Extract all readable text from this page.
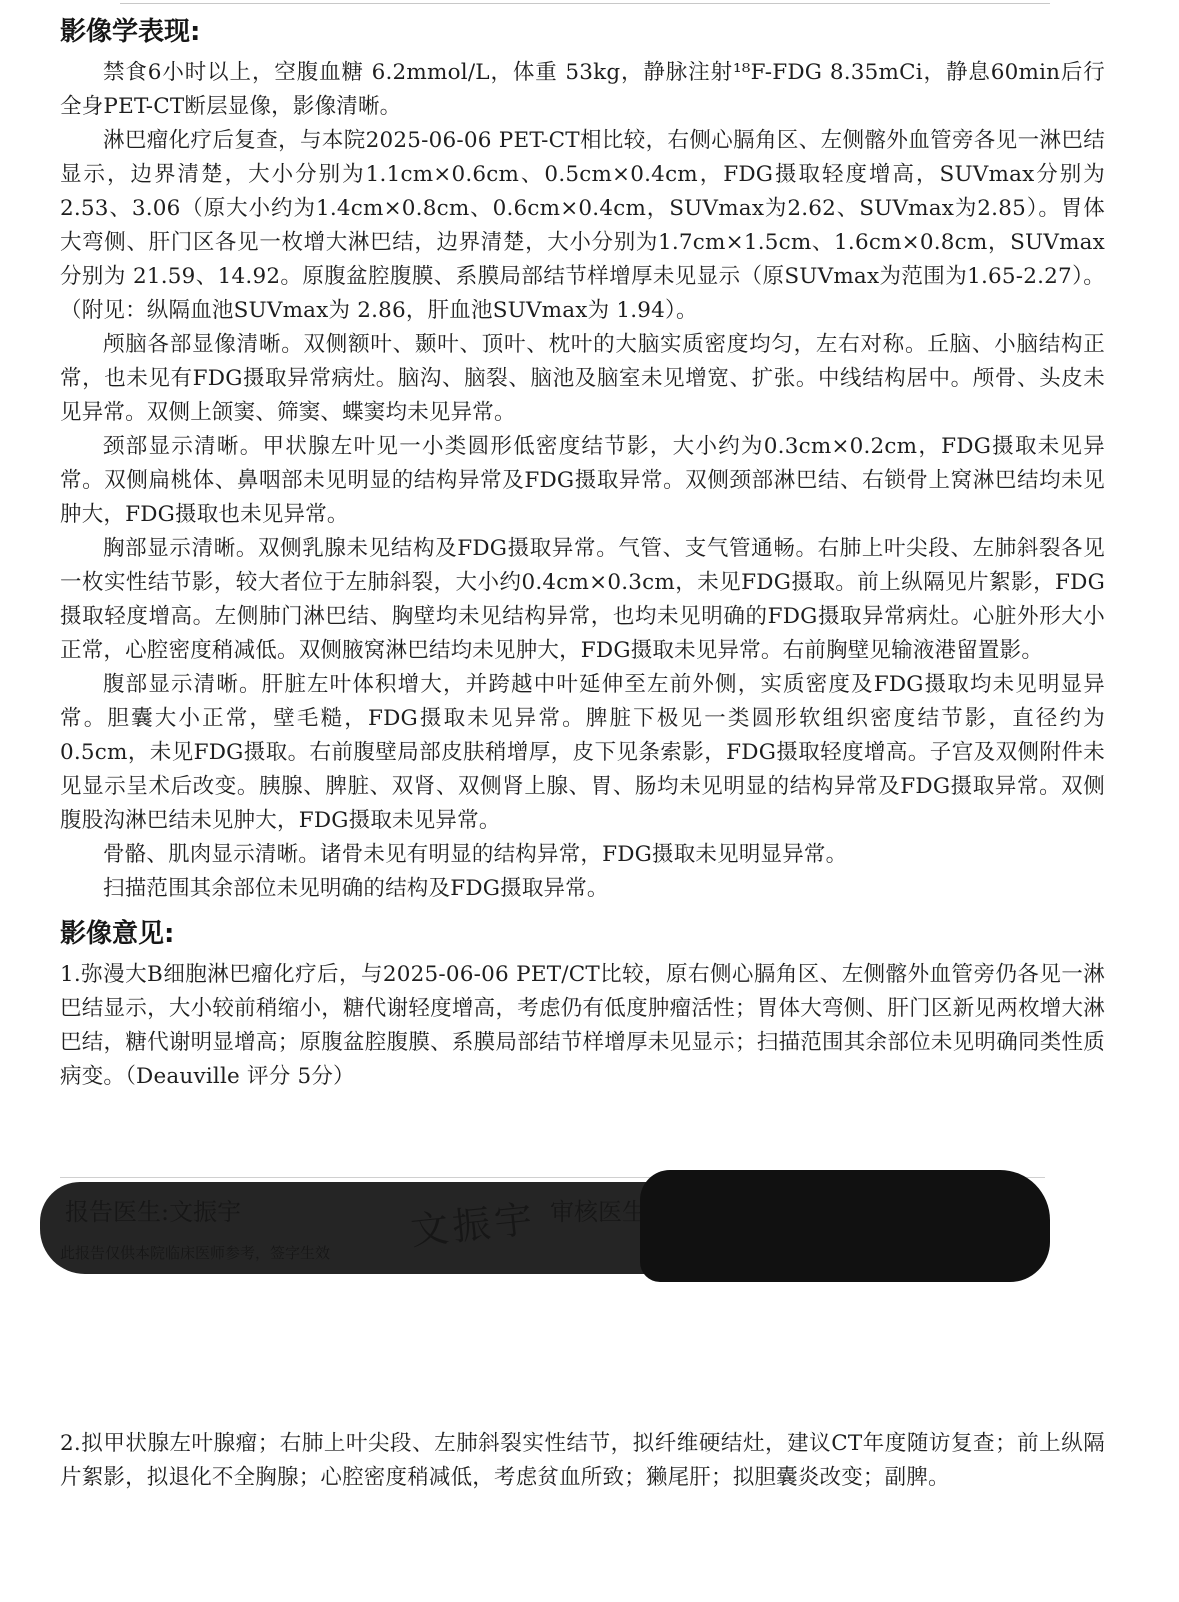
影像学表现:

禁食6小时以上，空腹血糖 6.2mmol/L，体重 53kg，静脉注射¹⁸F-FDG 8.35mCi，静息60min后行全身PET-CT断层显像，影像清晰。

淋巴瘤化疗后复查，与本院2025-06-06 PET-CT相比较，右侧心膈角区、左侧髂外血管旁各见一淋巴结显示，边界清楚，大小分别为1.1cm×0.6cm、0.5cm×0.4cm，FDG摄取轻度增高，SUVmax分别为 2.53、3.06（原大小约为1.4cm×0.8cm、0.6cm×0.4cm，SUVmax为2.62、SUVmax为2.85）。胃体大弯侧、肝门区各见一枚增大淋巴结，边界清楚，大小分别为1.7cm×1.5cm、1.6cm×0.8cm，SUVmax分别为 21.59、14.92。原腹盆腔腹膜、系膜局部结节样增厚未见显示（原SUVmax为范围为1.65-2.27）。（附见：纵隔血池SUVmax为 2.86，肝血池SUVmax为 1.94）。

颅脑各部显像清晰。双侧额叶、颞叶、顶叶、枕叶的大脑实质密度均匀，左右对称。丘脑、小脑结构正常，也未见有FDG摄取异常病灶。脑沟、脑裂、脑池及脑室未见增宽、扩张。中线结构居中。颅骨、头皮未见异常。双侧上颌窦、筛窦、蝶窦均未见异常。

颈部显示清晰。甲状腺左叶见一小类圆形低密度结节影，大小约为0.3cm×0.2cm，FDG摄取未见异常。双侧扁桃体、鼻咽部未见明显的结构异常及FDG摄取异常。双侧颈部淋巴结、右锁骨上窝淋巴结均未见肿大，FDG摄取也未见异常。

胸部显示清晰。双侧乳腺未见结构及FDG摄取异常。气管、支气管通畅。右肺上叶尖段、左肺斜裂各见一枚实性结节影，较大者位于左肺斜裂，大小约0.4cm×0.3cm，未见FDG摄取。前上纵隔见片絮影，FDG摄取轻度增高。左侧肺门淋巴结、胸壁均未见结构异常，也均未见明确的FDG摄取异常病灶。心脏外形大小正常，心腔密度稍减低。双侧腋窝淋巴结均未见肿大，FDG摄取未见异常。右前胸壁见输液港留置影。

腹部显示清晰。肝脏左叶体积增大，并跨越中叶延伸至左前外侧，实质密度及FDG摄取均未见明显异常。胆囊大小正常，壁毛糙，FDG摄取未见异常。脾脏下极见一类圆形软组织密度结节影，直径约为0.5cm，未见FDG摄取。右前腹壁局部皮肤稍增厚，皮下见条索影，FDG摄取轻度增高。子宫及双侧附件未见显示呈术后改变。胰腺、脾脏、双肾、双侧肾上腺、胃、肠均未见明显的结构异常及FDG摄取异常。双侧腹股沟淋巴结未见肿大，FDG摄取未见异常。

骨骼、肌肉显示清晰。诸骨未见有明显的结构异常，FDG摄取未见明显异常。

扫描范围其余部位未见明确的结构及FDG摄取异常。

影像意见:

1.弥漫大B细胞淋巴瘤化疗后，与2025-06-06 PET/CT比较，原右侧心膈角区、左侧髂外血管旁仍各见一淋巴结显示，大小较前稍缩小，糖代谢轻度增高，考虑仍有低度肿瘤活性；胃体大弯侧、肝门区新见两枚增大淋巴结，糖代谢明显增高；原腹盆腔腹膜、系膜局部结节样增厚未见显示；扫描范围其余部位未见明确同类性质病变。（Deauville 评分 5分）

2.拟甲状腺左叶腺瘤；右肺上叶尖段、左肺斜裂实性结节，拟纤维硬结灶，建议CT年度随访复查；前上纵隔片絮影，拟退化不全胸腺；心腔密度稍减低，考虑贫血所致；獭尾肝；拟胆囊炎改变；副脾。
